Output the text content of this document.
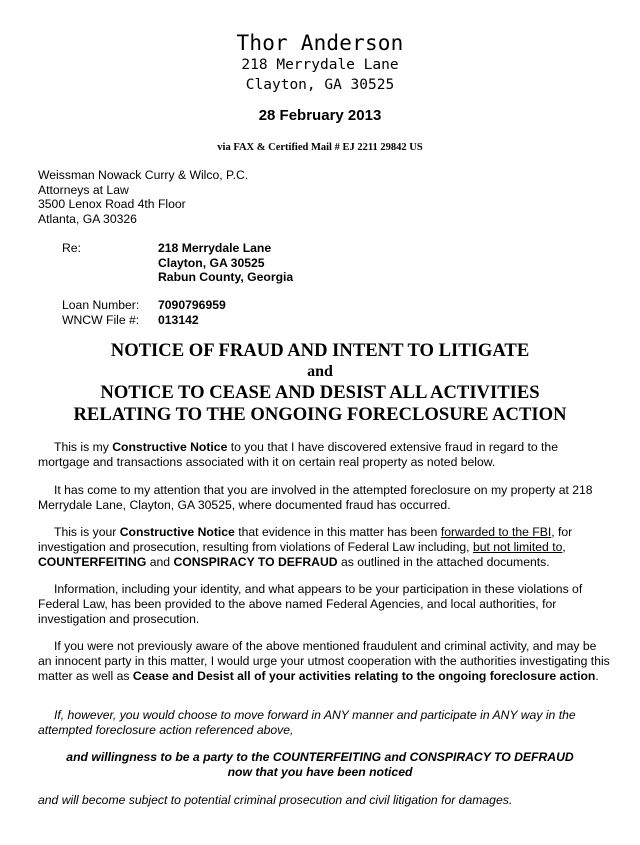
Thor Anderson
218 Merrydale Lane
Clayton, GA 30525
28 February 2013
via FAX & Certified Mail # EJ 2211 29842 US
Weissman Nowack Curry & Wilco, P.C.
Attorneys at Law
3500 Lenox Road 4th Floor
Atlanta, GA 30326
Re:	218 Merrydale Lane
Clayton, GA 30525
Rabun County, Georgia
Loan Number: 7090796959
WNCW File #: 013142
NOTICE OF FRAUD AND INTENT TO LITIGATE
and
NOTICE TO CEASE AND DESIST ALL ACTIVITIES
RELATING TO THE ONGOING FORECLOSURE ACTION
This is my Constructive Notice to you that I have discovered extensive fraud in regard to the mortgage and transactions associated with it on certain real property as noted below.
It has come to my attention that you are involved in the attempted foreclosure on my property at 218 Merrydale Lane, Clayton, GA 30525, where documented fraud has occurred.
This is your Constructive Notice that evidence in this matter has been forwarded to the FBI, for investigation and prosecution, resulting from violations of Federal Law including, but not limited to, COUNTERFEITING and CONSPIRACY TO DEFRAUD as outlined in the attached documents.
Information, including your identity, and what appears to be your participation in these violations of Federal Law, has been provided to the above named Federal Agencies, and local authorities, for investigation and prosecution.
If you were not previously aware of the above mentioned fraudulent and criminal activity, and may be an innocent party in this matter, I would urge your utmost cooperation with the authorities investigating this matter as well as Cease and Desist all of your activities relating to the ongoing foreclosure action.
If, however, you would choose to move forward in ANY manner and participate in ANY way in the attempted foreclosure action referenced above,
and willingness to be a party to the COUNTERFEITING and CONSPIRACY TO DEFRAUD
now that you have been noticed
and will become subject to potential criminal prosecution and civil litigation for damages.
